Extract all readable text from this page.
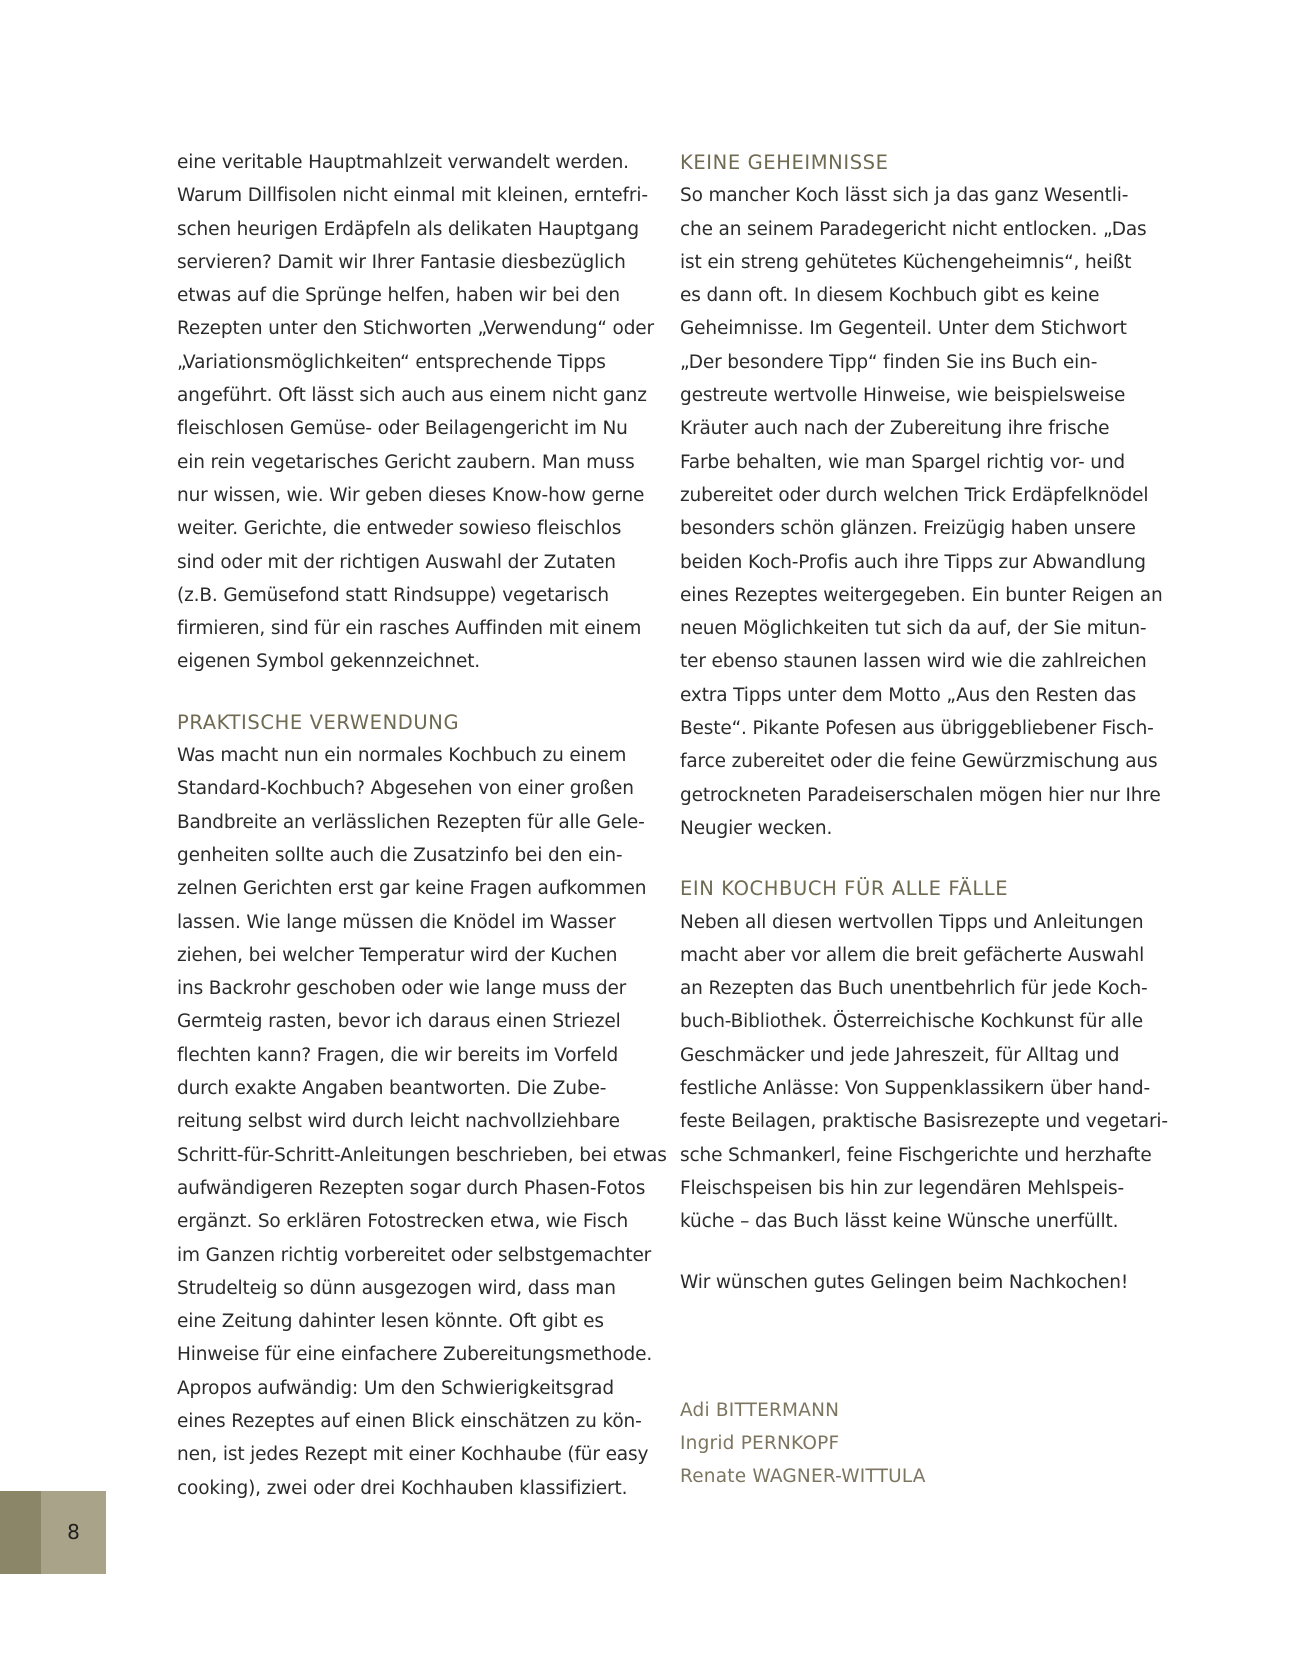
eine veritable Hauptmahlzeit verwandelt werden.
Warum Dillfisolen nicht einmal mit kleinen, erntefri-
schen heurigen Erdäpfeln als delikaten Hauptgang
servieren? Damit wir Ihrer Fantasie diesbezüglich
etwas auf die Sprünge helfen, haben wir bei den
Rezepten unter den Stichworten „Verwendung“ oder
„Variationsmöglichkeiten“ entsprechende Tipps
angeführt. Oft lässt sich auch aus einem nicht ganz
fleischlosen Gemüse- oder Beilagengericht im Nu
ein rein vegetarisches Gericht zaubern. Man muss
nur wissen, wie. Wir geben dieses Know-how gerne
weiter. Gerichte, die entweder sowieso fleischlos
sind oder mit der richtigen Auswahl der Zutaten
(z.B. Gemüsefond statt Rindsuppe) vegetarisch
firmieren, sind für ein rasches Auffinden mit einem
eigenen Symbol gekennzeichnet.
PRAKTISCHE VERWENDUNG
Was macht nun ein normales Kochbuch zu einem
Standard-Kochbuch? Abgesehen von einer großen
Bandbreite an verlässlichen Rezepten für alle Gele-
genheiten sollte auch die Zusatzinfo bei den ein-
zelnen Gerichten erst gar keine Fragen aufkommen
lassen. Wie lange müssen die Knödel im Wasser
ziehen, bei welcher Temperatur wird der Kuchen
ins Backrohr geschoben oder wie lange muss der
Germteig rasten, bevor ich daraus einen Striezel
flechten kann? Fragen, die wir bereits im Vorfeld
durch exakte Angaben beantworten. Die Zube-
reitung selbst wird durch leicht nachvollziehbare
Schritt-für-Schritt-Anleitungen beschrieben, bei etwas
aufwändigeren Rezepten sogar durch Phasen-Fotos
ergänzt. So erklären Fotostrecken etwa, wie Fisch
im Ganzen richtig vorbereitet oder selbstgemachter
Strudelteig so dünn ausgezogen wird, dass man
eine Zeitung dahinter lesen könnte. Oft gibt es
Hinweise für eine einfachere Zubereitungsmethode.
Apropos aufwändig: Um den Schwierigkeitsgrad
eines Rezeptes auf einen Blick einschätzen zu kön-
nen, ist jedes Rezept mit einer Kochhaube (für easy
cooking), zwei oder drei Kochhauben klassifiziert.
KEINE GEHEIMNISSE
So mancher Koch lässt sich ja das ganz Wesentli-
che an seinem Paradegericht nicht entlocken. „Das
ist ein streng gehütetes Küchengeheimnis“, heißt
es dann oft. In diesem Kochbuch gibt es keine
Geheimnisse. Im Gegenteil. Unter dem Stichwort
„Der besondere Tipp“ finden Sie ins Buch ein-
gestreute wertvolle Hinweise, wie beispielsweise
Kräuter auch nach der Zubereitung ihre frische
Farbe behalten, wie man Spargel richtig vor- und
zubereitet oder durch welchen Trick Erdäpfelknödel
besonders schön glänzen. Freizügig haben unsere
beiden Koch-Profis auch ihre Tipps zur Abwandlung
eines Rezeptes weitergegeben. Ein bunter Reigen an
neuen Möglichkeiten tut sich da auf, der Sie mitun-
ter ebenso staunen lassen wird wie die zahlreichen
extra Tipps unter dem Motto „Aus den Resten das
Beste“. Pikante Pofesen aus übriggebliebener Fisch-
farce zubereitet oder die feine Gewürzmischung aus
getrockneten Paradeiserschalen mögen hier nur Ihre
Neugier wecken.
EIN KOCHBUCH FÜR ALLE FÄLLE
Neben all diesen wertvollen Tipps und Anleitungen
macht aber vor allem die breit gefächerte Auswahl
an Rezepten das Buch unentbehrlich für jede Koch-
buch-Bibliothek. Österreichische Kochkunst für alle
Geschmäcker und jede Jahreszeit, für Alltag und
festliche Anlässe: Von Suppenklassikern über hand-
feste Beilagen, praktische Basisrezepte und vegetari-
sche Schmankerl, feine Fischgerichte und herzhafte
Fleischspeisen bis hin zur legendären Mehlspeis-
küche – das Buch lässt keine Wünsche unerfüllt.
Wir wünschen gutes Gelingen beim Nachkochen!
Adi BITTERMANN
Ingrid PERNKOPF
Renate WAGNER-WITTULA
8
